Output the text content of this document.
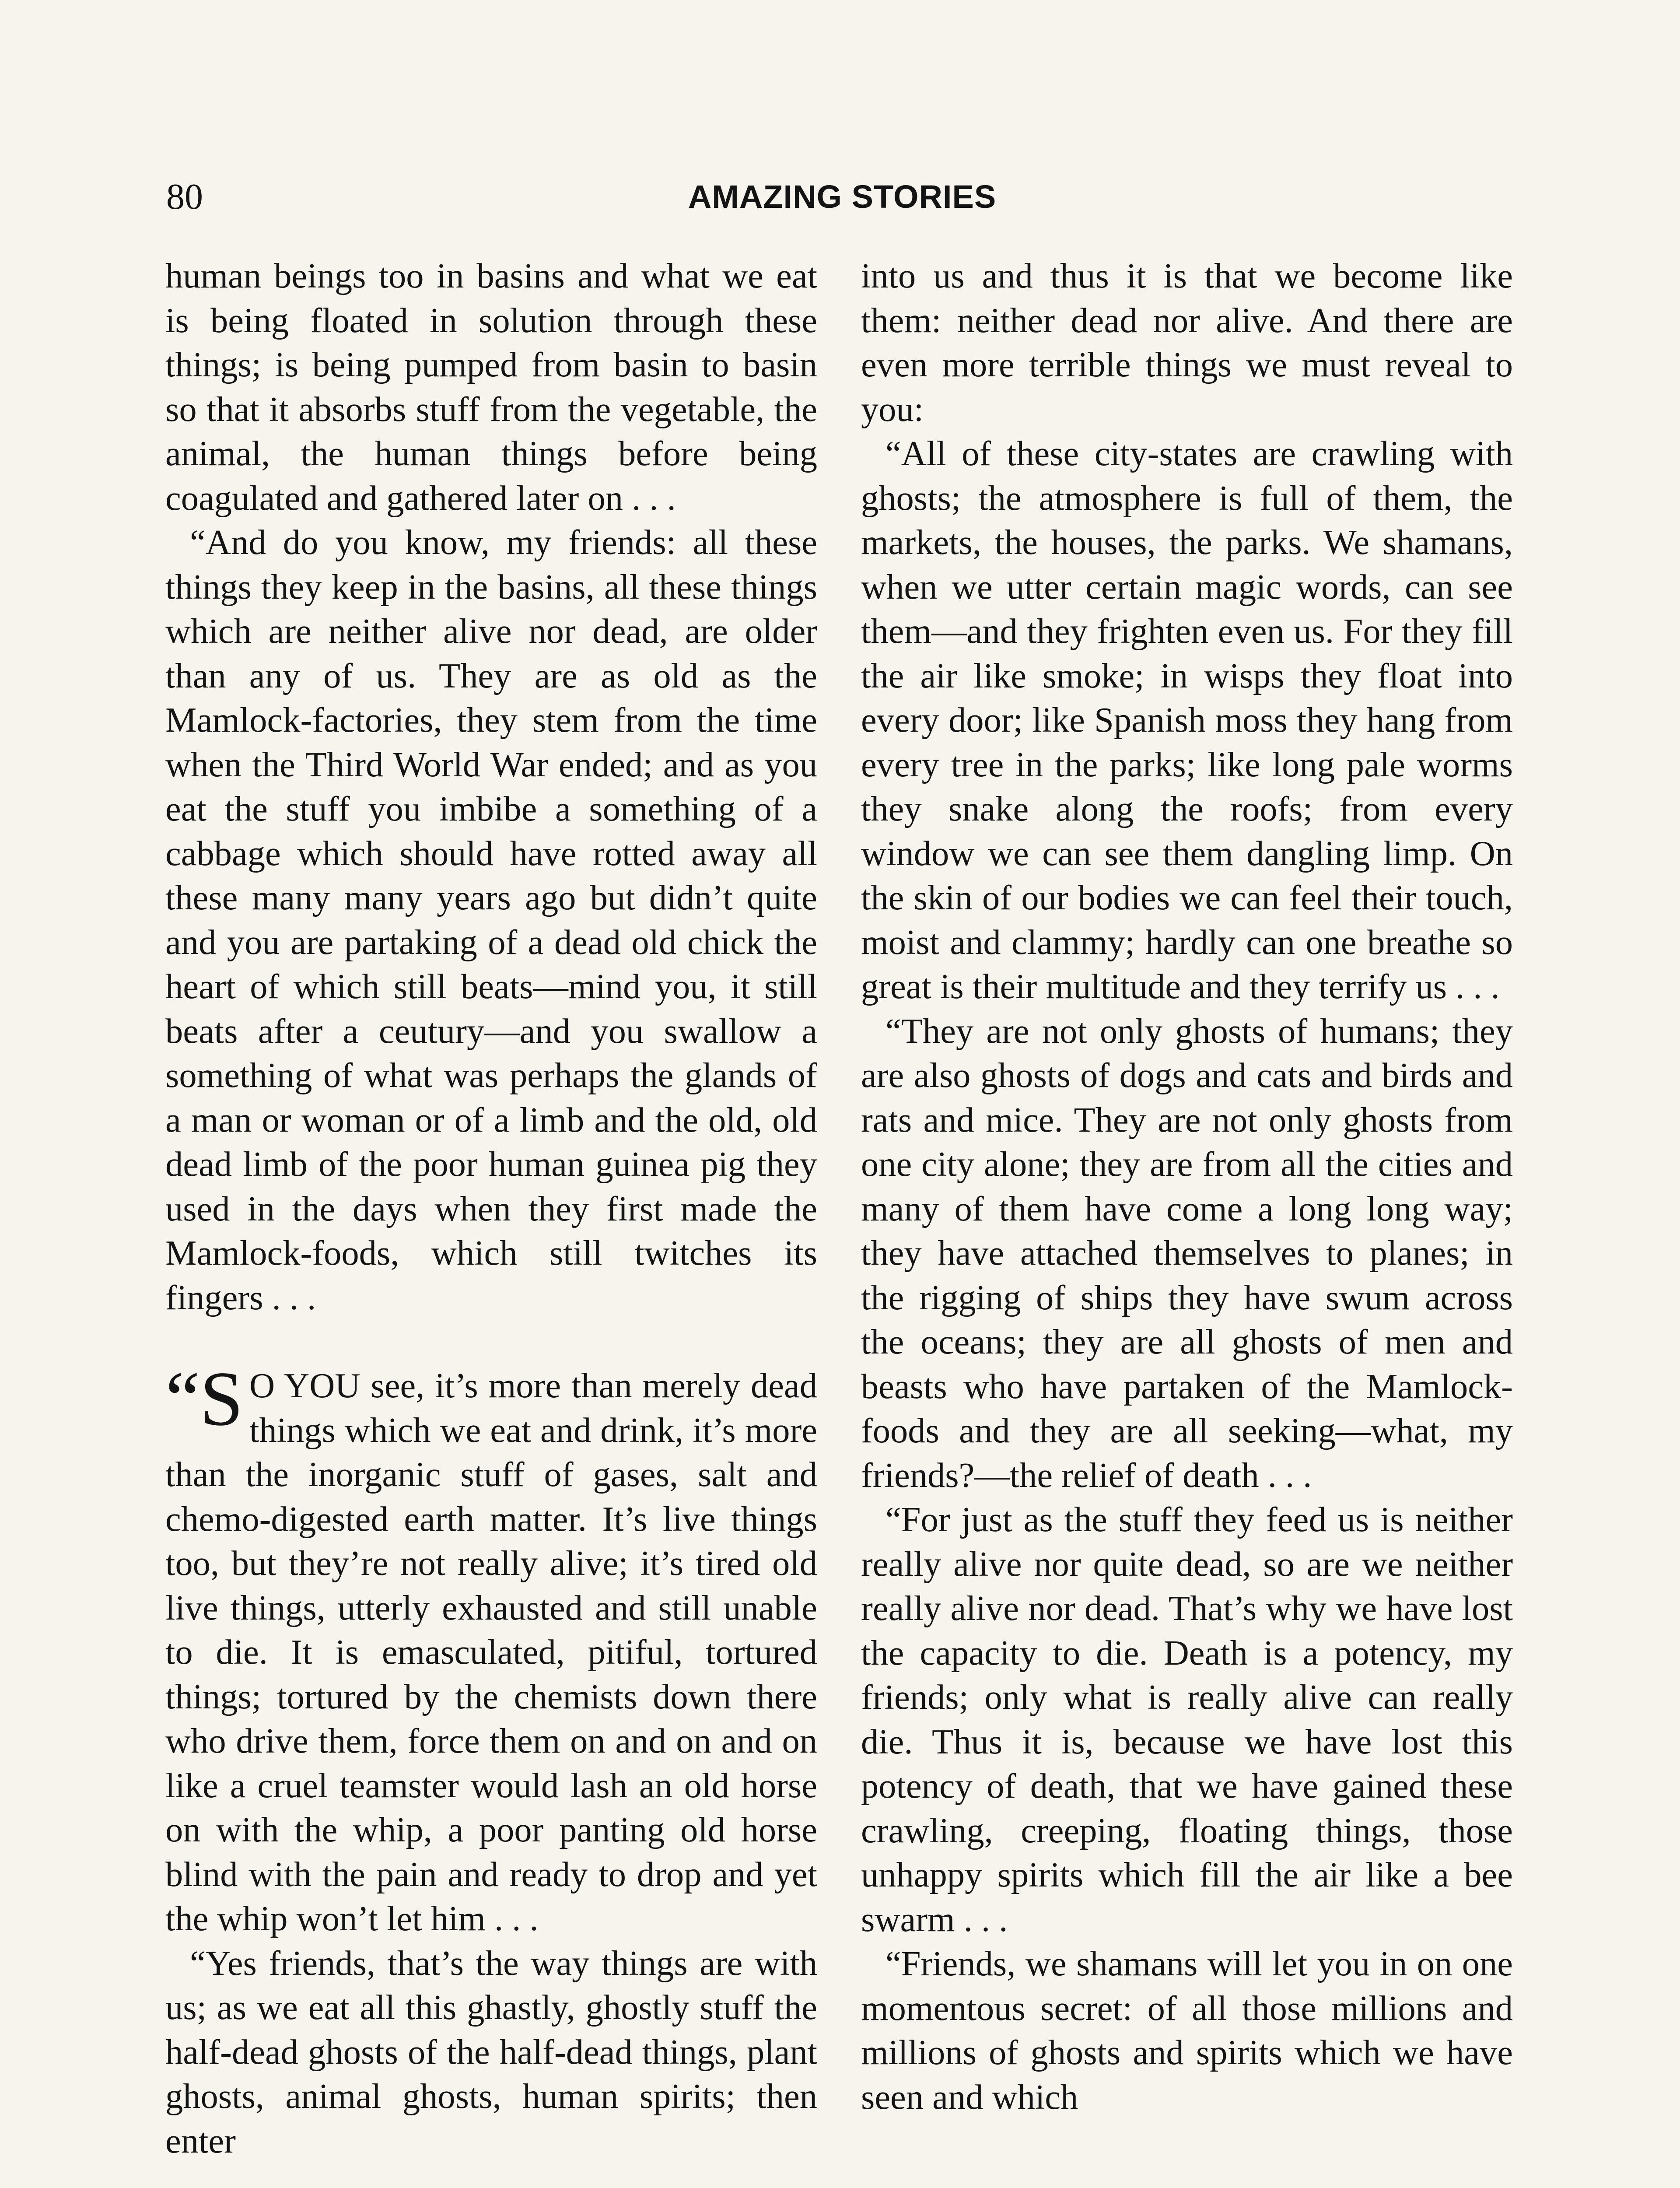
80	AMAZING STORIES

human beings too in basins and what we eat is being floated in solution through these things; is being pumped from basin to basin so that it absorbs stuff from the vegetable, the animal, the human things before being coagulated and gathered later on . . .

“And do you know, my friends: all these things they keep in the basins, all these things which are neither alive nor dead, are older than any of us. They are as old as the Mamlock-factories, they stem from the time when the Third World War ended; and as you eat the stuff you imbibe a something of a cabbage which should have rotted away all these many many years ago but didn’t quite and you are partaking of a dead old chick the heart of which still beats—mind you, it still beats after a ceutury—and you swallow a something of what was perhaps the glands of a man or woman or of a limb and the old, old dead limb of the poor human guinea pig they used in the days when they first made the Mamlock-foods, which still twitches its fingers . . .

“S O YOU see, it’s more than merely dead things which we eat and drink, it’s more than the inorganic stuff of gases, salt and chemo-digested earth matter. It’s live things too, but they’re not really alive; it’s tired old live things, utterly exhausted and still unable to die. It is emasculated, pitiful, tortured things; tortured by the chemists down there who drive them, force them on and on and on like a cruel teamster would lash an old horse on with the whip, a poor panting old horse blind with the pain and ready to drop and yet the whip won’t let him . . .

“Yes friends, that’s the way things are with us; as we eat all this ghastly, ghostly stuff the half-dead ghosts of the half-dead things, plant ghosts, animal ghosts, human spirits; then enter

into us and thus it is that we become like them: neither dead nor alive. And there are even more terrible things we must reveal to you:

“All of these city-states are crawling with ghosts; the atmosphere is full of them, the markets, the houses, the parks. We shamans, when we utter certain magic words, can see them—and they frighten even us. For they fill the air like smoke; in wisps they float into every door; like Spanish moss they hang from every tree in the parks; like long pale worms they snake along the roofs; from every window we can see them dangling limp. On the skin of our bodies we can feel their touch, moist and clammy; hardly can one breathe so great is their multitude and they terrify us . . .

“They are not only ghosts of humans; they are also ghosts of dogs and cats and birds and rats and mice. They are not only ghosts from one city alone; they are from all the cities and many of them have come a long long way; they have attached themselves to planes; in the rigging of ships they have swum across the oceans; they are all ghosts of men and beasts who have partaken of the Mamlock-foods and they are all seeking—what, my friends?—the relief of death . . .

“For just as the stuff they feed us is neither really alive nor quite dead, so are we neither really alive nor dead. That’s why we have lost the capacity to die. Death is a potency, my friends; only what is really alive can really die. Thus it is, because we have lost this potency of death, that we have gained these crawling, creeping, floating things, those unhappy spirits which fill the air like a bee swarm . . .

“Friends, we shamans will let you in on one momentous secret: of all those millions and millions of ghosts and spirits which we have seen and which
